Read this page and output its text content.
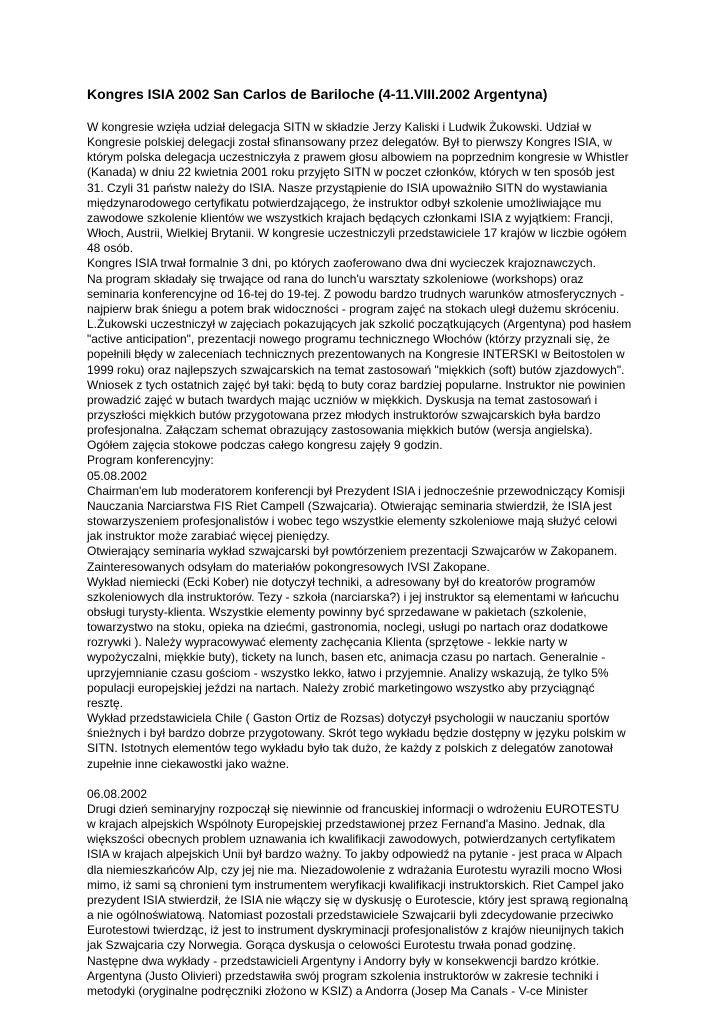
Kongres ISIA 2002 San Carlos de Bariloche (4-11.VIII.2002 Argentyna)
W kongresie wzięła udział delegacja SITN w składzie Jerzy Kaliski i Ludwik Żukowski. Udział w
Kongresie polskiej delegacji został sfinansowany przez delegatów. Był to pierwszy Kongres ISIA, w
którym polska delegacja uczestniczyła z prawem głosu albowiem na poprzednim kongresie w Whistler
(Kanada) w dniu 22 kwietnia 2001 roku przyjęto SITN w poczet członków, których w ten sposób jest
31. Czyli 31 państw należy do ISIA. Nasze przystąpienie do ISIA upoważniło SITN do wystawiania
międzynarodowego certyfikatu potwierdzającego, że instruktor odbył szkolenie umożliwiające mu
zawodowe szkolenie klientów we wszystkich krajach będących członkami ISIA z wyjątkiem: Francji,
Włoch, Austrii, Wielkiej Brytanii. W kongresie uczestniczyli przedstawiciele 17 krajów w liczbie ogółem
48 osób.
Kongres ISIA trwał formalnie 3 dni, po których zaoferowano dwa dni wycieczek krajoznawczych.
Na program składały się trwające od rana do lunch'u warsztaty szkoleniowe (workshops) oraz
seminaria konferencyjne od 16-tej do 19-tej. Z powodu bardzo trudnych warunków atmosferycznych -
najpierw brak śniegu a potem brak widoczności - program zajęć na stokach uległ dużemu skróceniu.
L.Żukowski uczestniczył w zajęciach pokazujących jak szkolić początkujących (Argentyna) pod hasłem
"active anticipation", prezentacji nowego programu technicznego Włochów (którzy przyznali się, że
popełnili błędy w zaleceniach technicznych prezentowanych na Kongresie INTERSKI w Beitostolen w
1999 roku) oraz najlepszych szwajcarskich na temat zastosowań "miękkich (soft) butów zjazdowych".
Wniosek z tych ostatnich zajęć był taki: będą to buty coraz bardziej popularne. Instruktor nie powinien
prowadzić zajęć w butach twardych mając uczniów w miękkich. Dyskusja na temat zastosowań i
przyszłości miękkich butów przygotowana przez młodych instruktorów szwajcarskich była bardzo
profesjonalna. Załączam schemat obrazujący zastosowania miękkich butów (wersja angielska).
Ogółem zajęcia stokowe podczas całego kongresu zajęły 9 godzin.
Program konferencyjny:
05.08.2002
Chairman'em lub moderatorem konferencji był Prezydent ISIA i jednocześnie przewodniczący Komisji
Nauczania Narciarstwa FIS Riet Campell (Szwajcaria). Otwierając seminaria stwierdził, że ISIA jest
stowarzyszeniem profesjonalistów i wobec tego wszystkie elementy szkoleniowe mają służyć celowi
jak instruktor może zarabiać więcej pieniędzy.
Otwierający seminaria wykład szwajcarski był powtórzeniem prezentacji Szwajcarów w Zakopanem.
Zainteresowanych odsyłam do materiałów pokongresowych IVSI Zakopane.
Wykład niemiecki (Ecki Kober) nie dotyczył techniki, a adresowany był do kreatorów programów
szkoleniowych dla instruktorów. Tezy - szkoła (narciarska?) i jej instruktor są elementami w łańcuchu
obsługi turysty-klienta. Wszystkie elementy powinny być sprzedawane w pakietach (szkolenie,
towarzystwo na stoku, opieka na dziećmi, gastronomia, noclegi, usługi po nartach oraz dodatkowe
rozrywki ). Należy wypracowywać elementy zachęcania Klienta (sprzętowe - lekkie narty w
wypożyczalni, miękkie buty), tickety na lunch, basen etc, animacja czasu po nartach. Generalnie -
uprzyjemnianie czasu gościom - wszystko lekko, łatwo i przyjemnie. Analizy wskazują, że tylko 5%
populacji europejskiej jeździ na nartach. Należy zrobić marketingowo wszystko aby przyciągnąć
resztę.
Wykład przedstawiciela Chile ( Gaston Ortiz de Rozsas) dotyczył psychologii w nauczaniu sportów
śnieżnych i był bardzo dobrze przygotowany. Skrót tego wykładu będzie dostępny w języku polskim w
SITN. Istotnych elementów tego wykładu było tak dużo, że każdy z polskich z delegatów zanotował
zupełnie inne ciekawostki jako ważne.
06.08.2002
Drugi dzień seminaryjny rozpoczął się niewinnie od francuskiej informacji o wdrożeniu EUROTESTU
w krajach alpejskich Wspólnoty Europejskiej przedstawionej przez Fernand'a Masino. Jednak, dla
większości obecnych problem uznawania ich kwalifikacji zawodowych, potwierdzanych certyfikatem
ISIA w krajach alpejskich Unii był bardzo ważny. To jakby odpowiedź na pytanie - jest praca w Alpach
dla niemieszkańców Alp, czy jej nie ma. Niezadowolenie z wdrażania Eurotestu wyrazili mocno Włosi
mimo, iż sami są chronieni tym instrumentem weryfikacji kwalifikacji instruktorskich. Riet Campel jako
prezydent ISIA stwierdził, że ISIA nie włączy się w dyskusję o Eurotescie, który jest sprawą regionalną
a nie ogólnoświatową. Natomiast pozostali przedstawiciele Szwajcarii byli zdecydowanie przeciwko
Eurotestowi twierdząc, iż jest to instrument dyskryminacji profesjonalistów z krajów nieunijnych takich
jak Szwajcaria czy Norwegia. Gorąca dyskusja o celowości Eurotestu trwała ponad godzinę.
Następne dwa wykłady - przedstawicieli Argentyny i Andorry były w konsekwencji bardzo krótkie.
Argentyna (Justo Olivieri) przedstawiła swój program szkolenia instruktorów w zakresie techniki i
metodyki (oryginalne podręczniki złożono w KSIZ) a Andorra (Josep Ma Canals - V-ce Minister
